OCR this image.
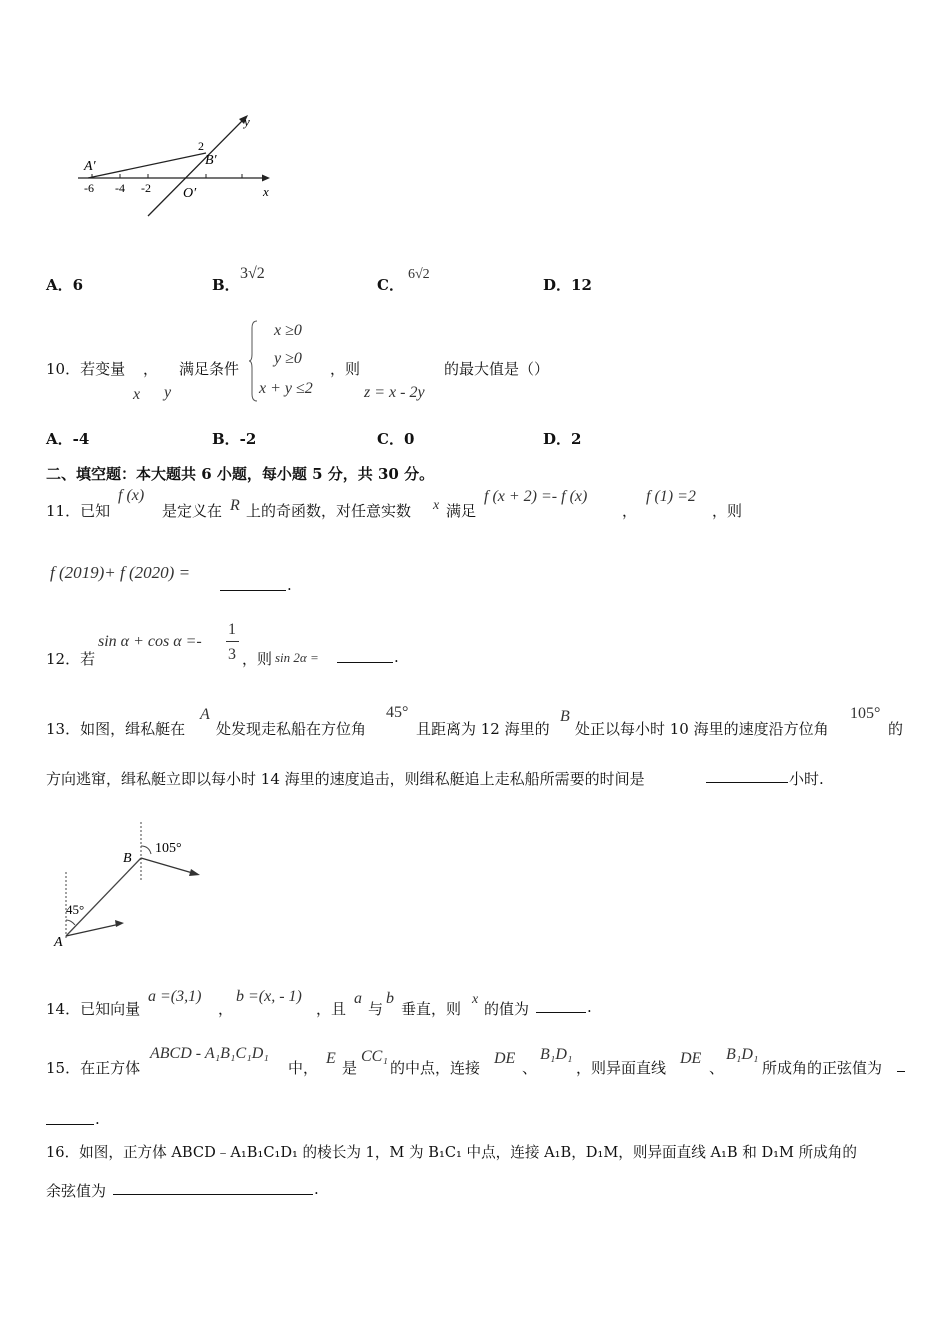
y
x
A′	B′
O′
2
-6 -4 -2
A．6	B．
3√2
C．
6√2
D．12
10．若变量 ， 满足条件
x y
x ≥0
y ≥0
x + y ≤2
，则
z = x - 2y
的最大值是（）
A．-4	B．-2	C．0	D．2
二、填空题：本大题共 6 小题，每小题 5 分，共 30 分。
11．已知
f (x)
是定义在 R 上的奇函数，对任意实数 x 满足
f (x + 2) =- f (x)
，
f (1) =2
，则
f (2019)+ f (2020) =
.
12．若
sin α + cos α =-
1
3 ，则 sin 2α =	.
13．如图，缉私艇在
A
处发现走私船在方位角
45°
且距离为 12 海里的
B
处正以每小时 10 海里的速度沿方位角
105°
的
方向逃窜，缉私艇立即以每小时 14 海里的速度追击，则缉私艇追上走私船所需要的时间是	小时.
B
A
105°
45°
14．已知向量
a =(3,1)
，
b =(x, - 1)
，且
a
与
b
垂直，则
x
的值为	.
15．在正方体
ABCD - A₁B₁C₁D₁
中，
E
是
CC₁
的中点，连接
DE
、
B₁D₁
，则异面直线
DE
、
B₁D₁
所成角的正弦值为
.
16．如图，正方体 ABCD﹣A₁B₁C₁D₁ 的棱长为 1，M 为 B₁C₁ 中点，连接 A₁B，D₁M，则异面直线 A₁B 和 D₁M 所成角的
余弦值为	.
